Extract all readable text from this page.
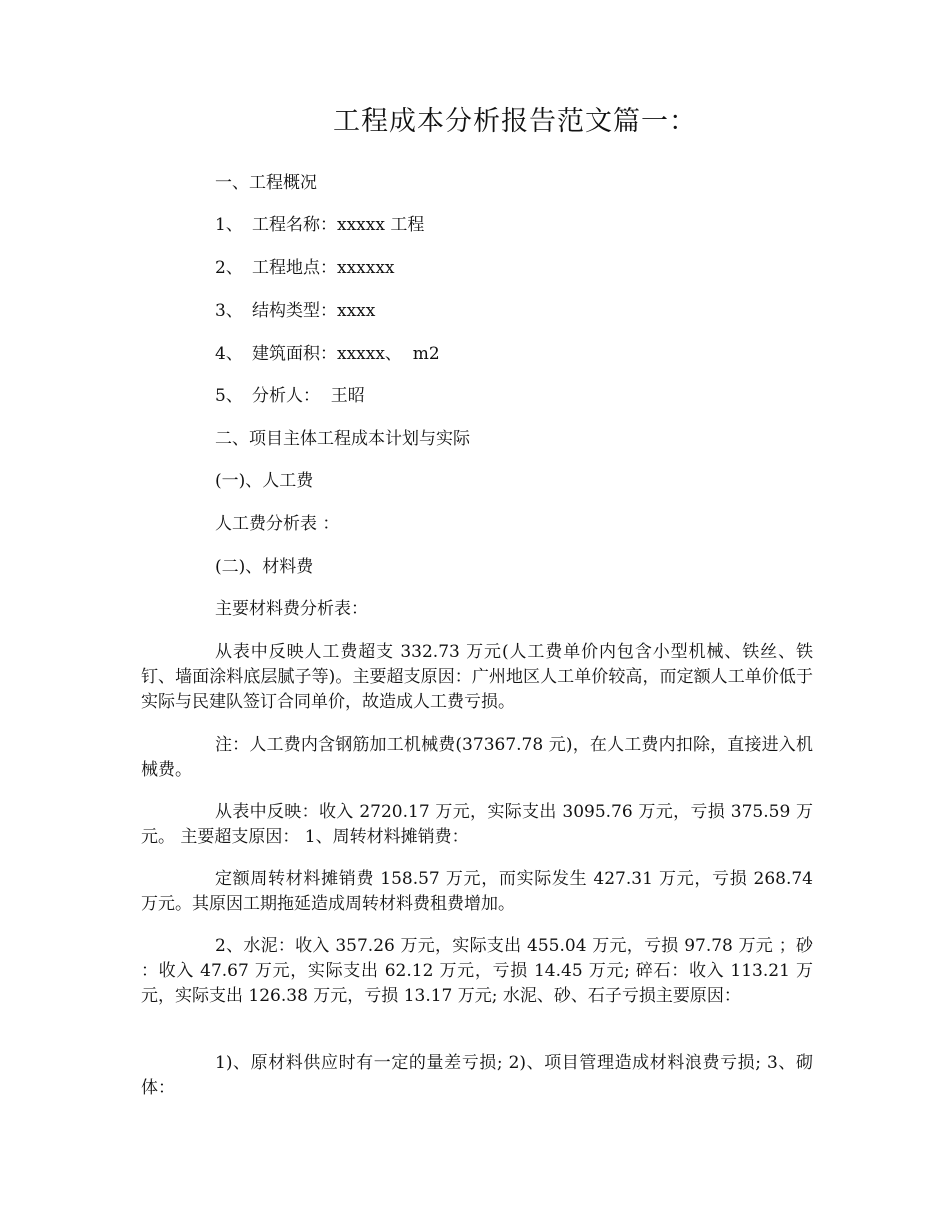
工程成本分析报告范文篇一：
一、工程概况
1、 工程名称：xxxxx 工程
2、 工程地点：xxxxxx
3、 结构类型：xxxx
4、 建筑面积：xxxxx、  m2
5、 分析人：  王昭
二、项目主体工程成本计划与实际
(一)、人工费
人工费分析表 ：
(二)、材料费
主要材料费分析表：

从表中反映人工费超支 332.73 万元(人工费单价内包含小型机械、铁丝、铁钉、墙面涂料底层腻子等)。主要超支原因：广州地区人工单价较高，而定额人工单价低于实际与民建队签订合同单价，故造成人工费亏损。

注：人工费内含钢筋加工机械费(37367.78 元)，在人工费内扣除，直接进入机械费。

从表中反映：收入 2720.17 万元，实际支出 3095.76 万元，亏损 375.59 万元。 主要超支原因： 1、周转材料摊销费：

定额周转材料摊销费 158.57 万元，而实际发生 427.31 万元，亏损 268.74 万元。其原因工期拖延造成周转材料费租费增加。

2、水泥：收入 357.26 万元，实际支出 455.04 万元，亏损 97.78 万元 ；砂 ：收入 47.67 万元，实际支出 62.12 万元，亏损 14.45 万元; 碎石：收入 113.21 万元，实际支出 126.38 万元，亏损 13.17 万元; 水泥、砂、石子亏损主要原因：

1)、原材料供应时有一定的量差亏损; 2)、项目管理造成材料浪费亏损; 3、砌体：
